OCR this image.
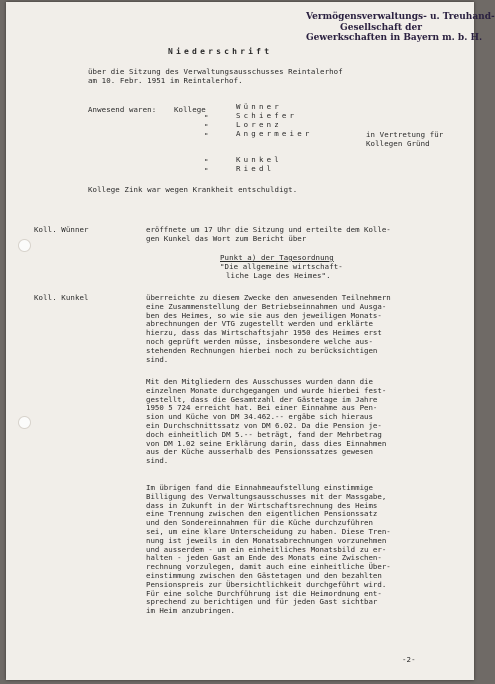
Vermögensverwaltungs- u. Treuhand-
Gesellschaft der
Gewerkschaften in Bayern m. b. H.
Niederschrift
über die Sitzung des Verwaltungsausschusses Reintalerhof
am 10. Febr. 1951 im Reintalerhof.
Anwesend waren: Kollege	Wünner
"	Schiefer
"	Lorenz
"	Angermeier	in Vertretung für
Kollegen Gründ
"	Kunkel
"	Riedl
Kollege Zink war wegen Krankheit entschuldigt.
Koll. Wünner	eröffnete um 17 Uhr die Sitzung und erteilte dem Kolle-
gen Kunkel das Wort zum Bericht über
Punkt a) der Tagesordnung
"Die allgemeine wirtschaft-
liche Lage des Heimes".
Koll. Kunkel	überreichte zu diesem Zwecke den anwesenden Teilnehmern
eine Zusammenstellung der Betriebseinnahmen und Ausga-
ben des Heimes, so wie sie aus den jeweiligen Monats-
abrechnungen der VTG zugestellt werden und erklärte
hierzu, dass das Wirtschaftsjahr 1950 des Heimes erst
noch geprüft werden müsse, insbesondere welche aus-
stehenden Rechnungen hierbei noch zu berücksichtigen
sind.
Mit den Mitgliedern des Ausschusses wurden dann die
einzelnen Monate durchgegangen und wurde hierbei fest-
gestellt, dass die Gesamtzahl der Gästetage im Jahre
1950 5 724 erreicht hat. Bei einer Einnahme aus Pen-
sion und Küche von DM 34.462.-- ergäbe sich hieraus
ein Durchschnittssatz von DM 6.02. Da die Pension je-
doch einheitlich DM 5.-- beträgt, fand der Mehrbetrag
von DM 1.02 seine Erklärung darin, dass dies Einnahmen
aus der Küche ausserhalb des Pensionssatzes gewesen
sind.
Im übrigen fand die Einnahmeaufstellung einstimmige
Billigung des Verwaltungsausschusses mit der Massgabe,
dass in Zukunft in der Wirtschaftsrechnung des Heims
eine Trennung zwischen den eigentlichen Pensionssatz
und den Sondereinnahmen für die Küche durchzuführen
sei, um eine klare Unterscheidung zu haben. Diese Tren-
nung ist jeweils in den Monatsabrechnungen vorzunehmen
und ausserdem - um ein einheitliches Monatsbild zu er-
halten - jeden Gast am Ende des Monats eine Zwischen-
rechnung vorzulegen, damit auch eine einheitliche Über-
einstimmung zwischen den Gästetagen und den bezahlten
Pensionspreis zur Übersichtlichkeit durchgeführt wird.
Für eine solche Durchführung ist die Heimordnung ent-
sprechend zu berichtigen und für jeden Gast sichtbar
im Heim anzubringen.
-2-
